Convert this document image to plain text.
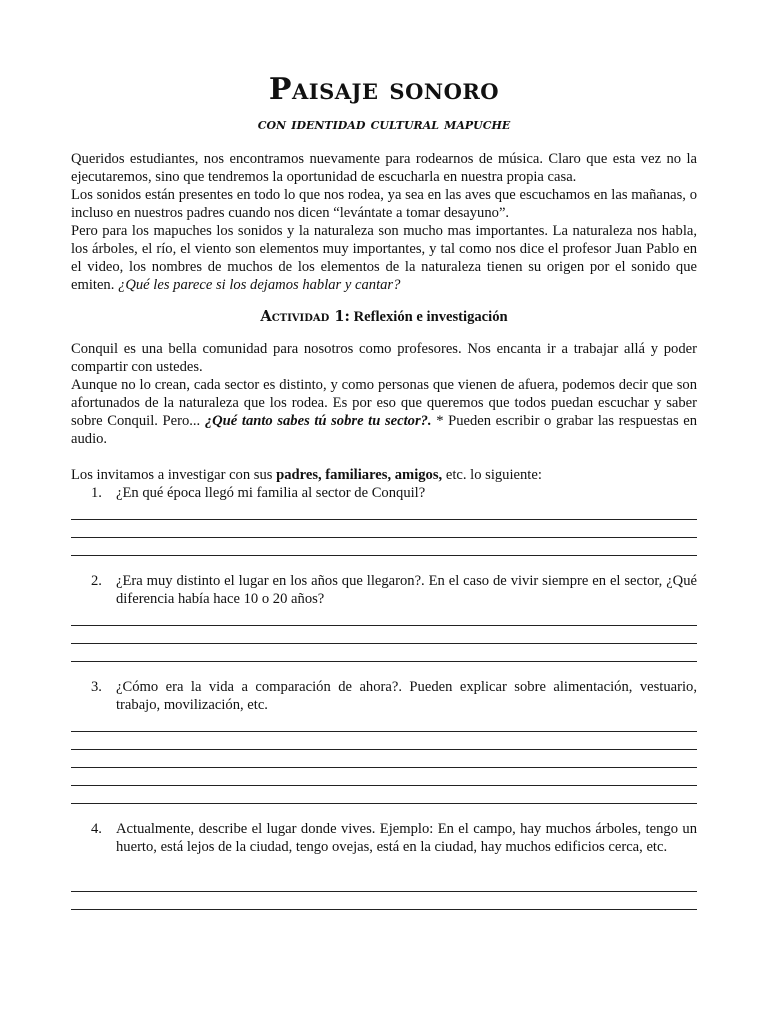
Paisaje sonoro
con identidad cultural mapuche

Queridos estudiantes, nos encontramos nuevamente para rodearnos de música. Claro que esta vez no la ejecutaremos, sino que tendremos la oportunidad de escucharla en nuestra propia casa.

Los sonidos están presentes en todo lo que nos rodea, ya sea en las aves que escuchamos en las mañanas, o incluso en nuestros padres cuando nos dicen “levántate a tomar desayuno”.

Pero para los mapuches los sonidos y la naturaleza son mucho mas importantes. La naturaleza nos habla, los árboles, el río, el viento son elementos muy importantes, y tal como nos dice el profesor Juan Pablo en el video, los nombres de muchos de los elementos de la naturaleza tienen su origen por el sonido que emiten. ¿Qué les parece si los dejamos hablar y cantar?

Actividad 1: Reflexión e investigación

Conquil es una bella comunidad para nosotros como profesores. Nos encanta ir a trabajar allá y poder compartir con ustedes.

Aunque no lo crean, cada sector es distinto, y como personas que vienen de afuera, podemos decir que son afortunados de la naturaleza que los rodea. Es por eso que queremos que todos puedan escuchar y saber sobre Conquil. Pero... ¿Qué tanto sabes tú sobre tu sector?. * Pueden escribir o grabar las respuestas en audio.

Los invitamos a investigar con sus padres, familiares, amigos, etc. lo siguiente:

1. ¿En qué época llegó mi familia al sector de Conquil?
2. ¿Era muy distinto el lugar en los años que llegaron?. En el caso de vivir siempre en el sector, ¿Qué diferencia había hace 10 o 20 años?
3. ¿Cómo era la vida a comparación de ahora?. Pueden explicar sobre alimentación, vestuario, trabajo, movilización, etc.
4. Actualmente, describe el lugar donde vives. Ejemplo: En el campo, hay muchos árboles, tengo un huerto, está lejos de la ciudad, tengo ovejas, está en la ciudad, hay muchos edificios cerca, etc.
